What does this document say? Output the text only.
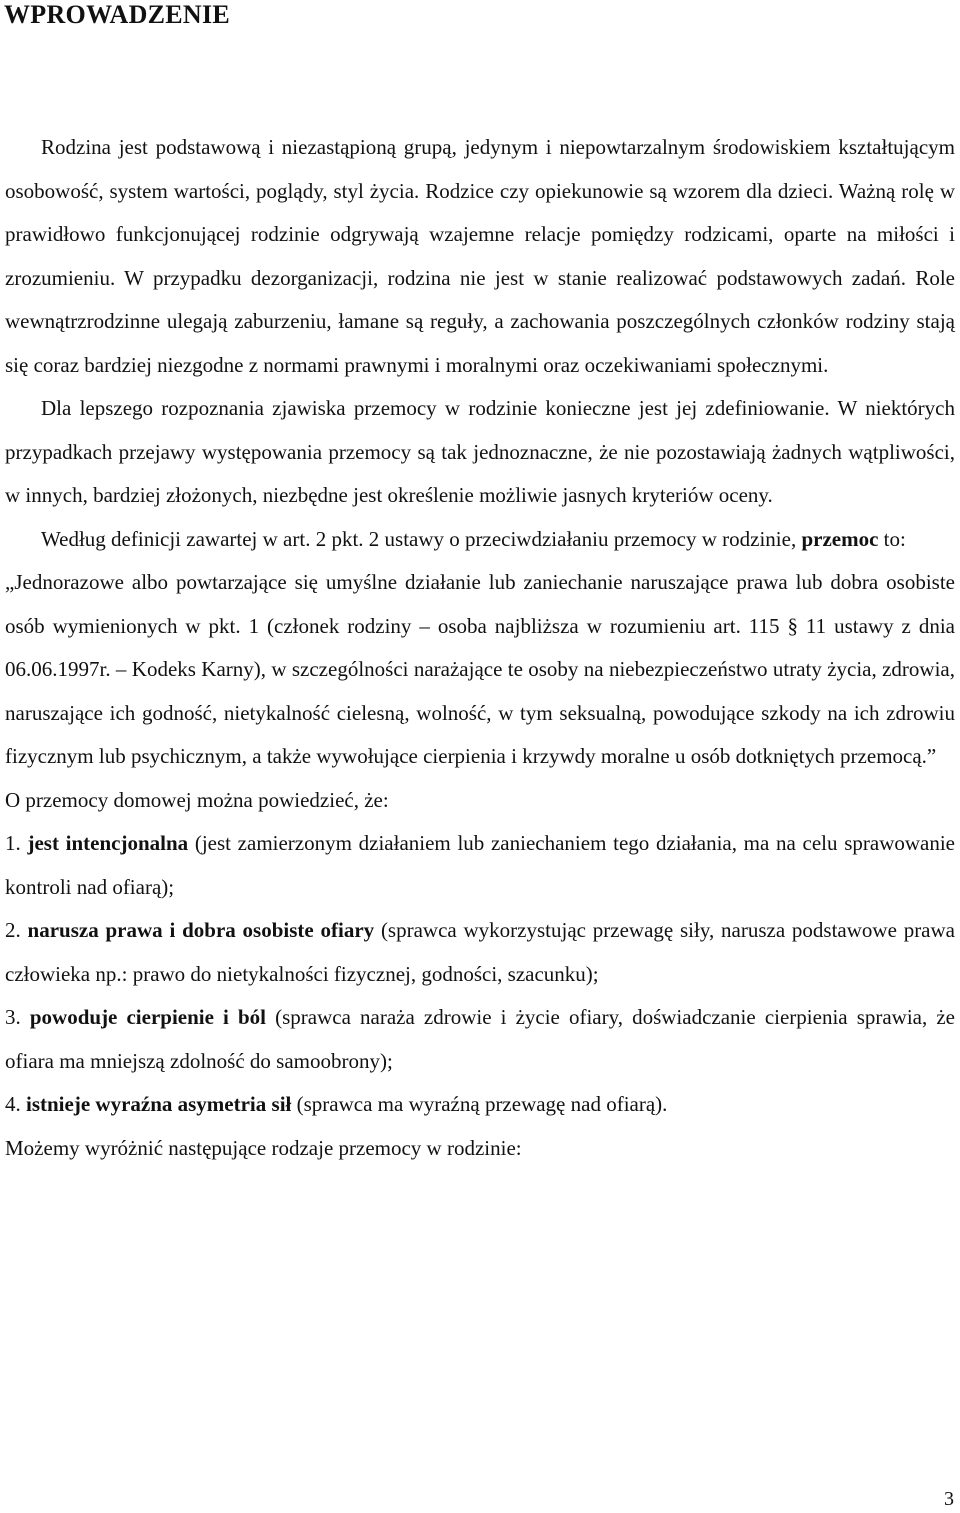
WPROWADZENIE

Rodzina jest podstawową i niezastąpioną grupą, jedynym i niepowtarzalnym środowiskiem kształtującym osobowość, system wartości, poglądy, styl życia. Rodzice czy opiekunowie są wzorem dla dzieci. Ważną rolę w prawidłowo funkcjonującej rodzinie odgrywają wzajemne relacje pomiędzy rodzicami, oparte na miłości i zrozumieniu. W przypadku dezorganizacji, rodzina nie jest w stanie realizować podstawowych zadań. Role wewnątrzrodzinne ulegają zaburzeniu, łamane są reguły, a zachowania poszczególnych członków rodziny stają się coraz bardziej niezgodne z normami prawnymi i moralnymi oraz oczekiwaniami społecznymi.

Dla lepszego rozpoznania zjawiska przemocy w rodzinie konieczne jest jej zdefiniowanie. W niektórych przypadkach przejawy występowania przemocy są tak jednoznaczne, że nie pozostawiają żadnych wątpliwości, w innych, bardziej złożonych, niezbędne jest określenie możliwie jasnych kryteriów oceny.

Według definicji zawartej w art. 2 pkt. 2 ustawy o przeciwdziałaniu przemocy w rodzinie, przemoc to:

„Jednorazowe albo powtarzające się umyślne działanie lub zaniechanie naruszające prawa lub dobra osobiste osób wymienionych w pkt. 1 (członek rodziny – osoba najbliższa w rozumieniu art. 115 § 11 ustawy z dnia 06.06.1997r. – Kodeks Karny), w szczególności narażające te osoby na niebezpieczeństwo utraty życia, zdrowia, naruszające ich godność, nietykalność cielesną, wolność, w tym seksualną, powodujące szkody na ich zdrowiu fizycznym lub psychicznym, a także wywołujące cierpienia i krzywdy moralne u osób dotkniętych przemocą.”

O przemocy domowej można powiedzieć, że:

1. jest intencjonalna (jest zamierzonym działaniem lub zaniechaniem tego działania, ma na celu sprawowanie kontroli nad ofiarą);

2. narusza prawa i dobra osobiste ofiary (sprawca wykorzystując przewagę siły, narusza podstawowe prawa człowieka np.: prawo do nietykalności fizycznej, godności, szacunku);

3. powoduje cierpienie i ból (sprawca naraża zdrowie i życie ofiary, doświadczanie cierpienia sprawia, że ofiara ma mniejszą zdolność do samoobrony);

4. istnieje wyraźna asymetria sił (sprawca ma wyraźną przewagę nad ofiarą).

Możemy wyróżnić następujące rodzaje przemocy w rodzinie:

3
